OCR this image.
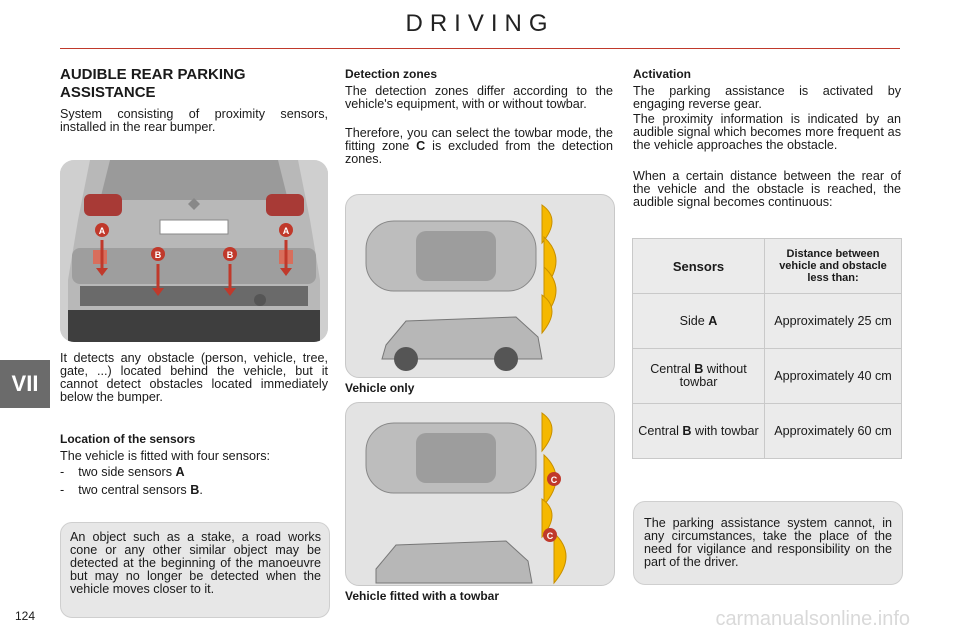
DRIVING
VII
AUDIBLE REAR PARKING ASSISTANCE

System consisting of proximity sensors, installed in the rear bumper.

A	A
B	B

It detects any obstacle (person, vehicle, tree, gate, ...) located behind the vehicle, but it cannot detect obstacles located immediately below the bumper.

Location of the sensors

The vehicle is fitted with four sensors:

- two side sensors A
- two central sensors B.

An object such as a stake, a road works cone or any other similar object may be detected at the beginning of the manoeuvre but may no longer be detected when the vehicle moves closer to it.

Detection zones

The detection zones differ according to the vehicle's equipment, with or without towbar.

Therefore, you can select the towbar mode, the fitting zone C is excluded from the detection zones.

Vehicle only
C
C
Vehicle fitted with a towbar
Activation

The parking assistance is activated by engaging reverse gear.

The proximity information is indicated by an audible signal which becomes more frequent as the vehicle approaches the obstacle.

When a certain distance between the rear of the vehicle and the obstacle is reached, the audible signal becomes continuous:

Sensors	Distance between vehicle and obstacle less than:
Side A	Approximately 25 cm
Central B without towbar	Approximately 40 cm
Central B with towbar	Approximately 60 cm

The parking assistance system cannot, in any circumstances, take the place of the need for vigilance and responsibility on the part of the driver.

124	carmanualsonline.info
